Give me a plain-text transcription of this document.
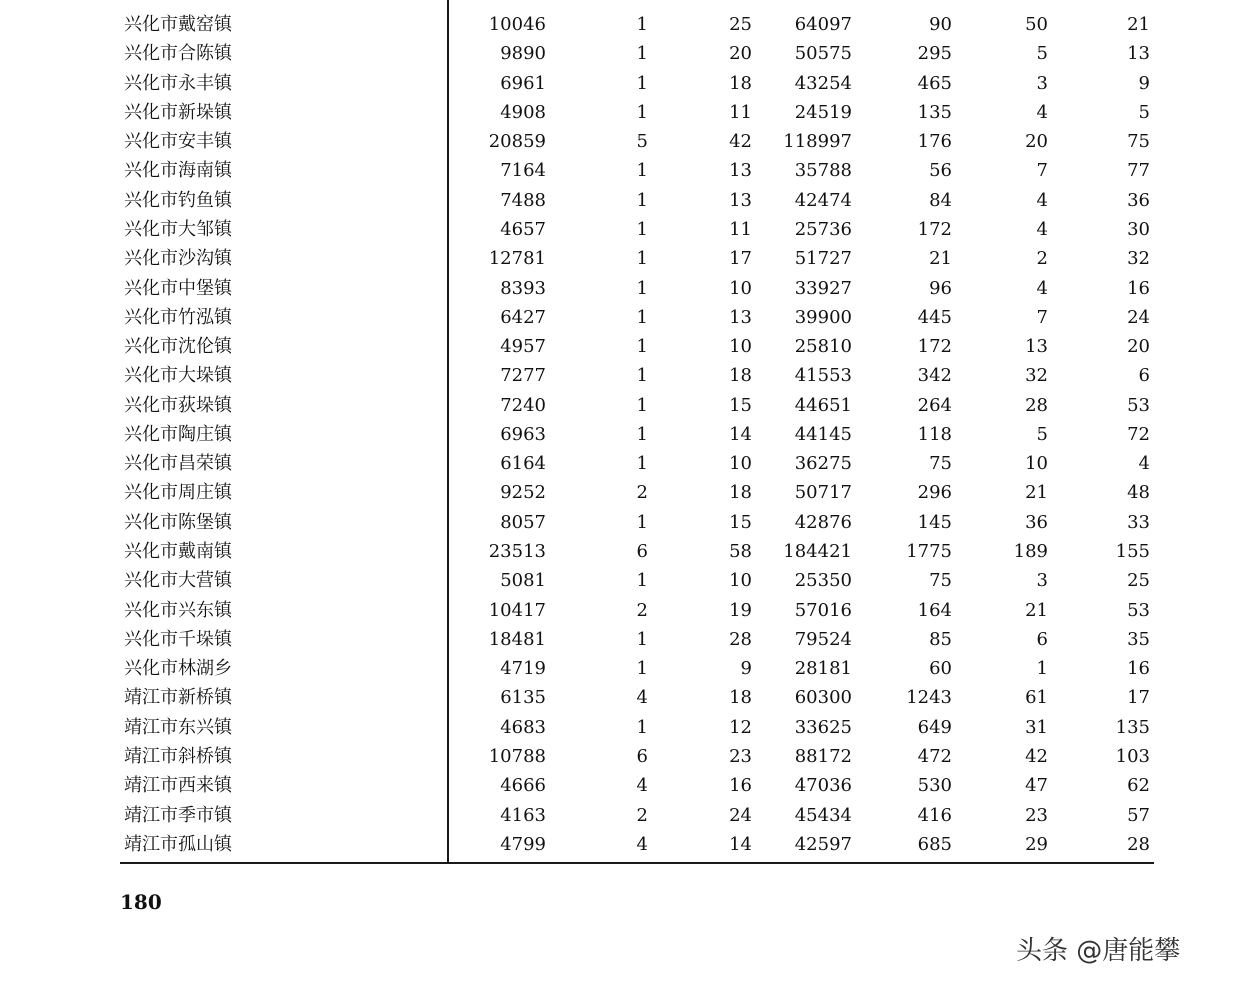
兴化市戴窑镇	10046	1	25	64097	90	50	21
兴化市合陈镇	9890	1	20	50575	295	5	13
兴化市永丰镇	6961	1	18	43254	465	3	9
兴化市新垛镇	4908	1	11	24519	135	4	5
兴化市安丰镇	20859	5	42	118997	176	20	75
兴化市海南镇	7164	1	13	35788	56	7	77
兴化市钓鱼镇	7488	1	13	42474	84	4	36
兴化市大邹镇	4657	1	11	25736	172	4	30
兴化市沙沟镇	12781	1	17	51727	21	2	32
兴化市中堡镇	8393	1	10	33927	96	4	16
兴化市竹泓镇	6427	1	13	39900	445	7	24
兴化市沈伦镇	4957	1	10	25810	172	13	20
兴化市大垛镇	7277	1	18	41553	342	32	6
兴化市荻垛镇	7240	1	15	44651	264	28	53
兴化市陶庄镇	6963	1	14	44145	118	5	72
兴化市昌荣镇	6164	1	10	36275	75	10	4
兴化市周庄镇	9252	2	18	50717	296	21	48
兴化市陈堡镇	8057	1	15	42876	145	36	33
兴化市戴南镇	23513	6	58	184421	1775	189	155
兴化市大营镇	5081	1	10	25350	75	3	25
兴化市兴东镇	10417	2	19	57016	164	21	53
兴化市千垛镇	18481	1	28	79524	85	6	35
兴化市林湖乡	4719	1	9	28181	60	1	16
靖江市新桥镇	6135	4	18	60300	1243	61	17
靖江市东兴镇	4683	1	12	33625	649	31	135
靖江市斜桥镇	10788	6	23	88172	472	42	103
靖江市西来镇	4666	4	16	47036	530	47	62
靖江市季市镇	4163	2	24	45434	416	23	57
靖江市孤山镇	4799	4	14	42597	685	29	28
180
头条 @唐能攀
